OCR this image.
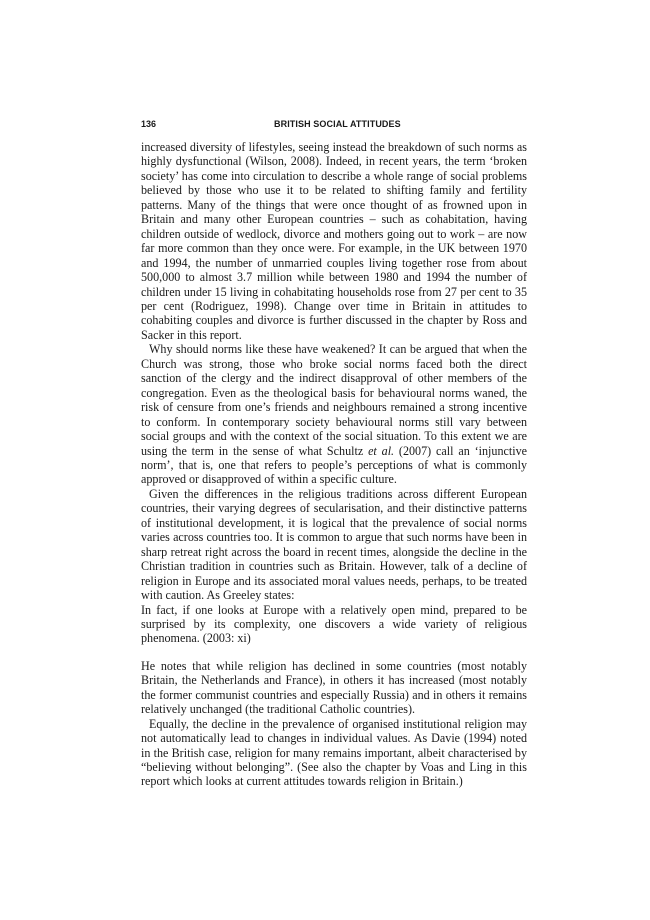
136	BRITISH SOCIAL ATTITUDES

increased diversity of lifestyles, seeing instead the breakdown of such norms as highly dysfunctional (Wilson, 2008). Indeed, in recent years, the term ‘broken society’ has come into circulation to describe a whole range of social problems believed by those who use it to be related to shifting family and fertility patterns. Many of the things that were once thought of as frowned upon in Britain and many other European countries – such as cohabitation, having children outside of wedlock, divorce and mothers going out to work – are now far more common than they once were. For example, in the UK between 1970 and 1994, the number of unmarried couples living together rose from about 500,000 to almost 3.7 million while between 1980 and 1994 the number of children under 15 living in cohabitating households rose from 27 per cent to 35 per cent (Rodriguez, 1998). Change over time in Britain in attitudes to cohabiting couples and divorce is further discussed in the chapter by Ross and Sacker in this report.

Why should norms like these have weakened? It can be argued that when the Church was strong, those who broke social norms faced both the direct sanction of the clergy and the indirect disapproval of other members of the congregation. Even as the theological basis for behavioural norms waned, the risk of censure from one’s friends and neighbours remained a strong incentive to conform. In contemporary society behavioural norms still vary between social groups and with the context of the social situation. To this extent we are using the term in the sense of what Schultz et al. (2007) call an ‘injunctive norm’, that is, one that refers to people’s perceptions of what is commonly approved or disapproved of within a specific culture.

Given the differences in the religious traditions across different European countries, their varying degrees of secularisation, and their distinctive patterns of institutional development, it is logical that the prevalence of social norms varies across countries too. It is common to argue that such norms have been in sharp retreat right across the board in recent times, alongside the decline in the Christian tradition in countries such as Britain. However, talk of a decline of religion in Europe and its associated moral values needs, perhaps, to be treated with caution. As Greeley states:

In fact, if one looks at Europe with a relatively open mind, prepared to be surprised by its complexity, one discovers a wide variety of religious phenomena. (2003: xi)

He notes that while religion has declined in some countries (most notably Britain, the Netherlands and France), in others it has increased (most notably the former communist countries and especially Russia) and in others it remains relatively unchanged (the traditional Catholic countries).

Equally, the decline in the prevalence of organised institutional religion may not automatically lead to changes in individual values. As Davie (1994) noted in the British case, religion for many remains important, albeit characterised by “believing without belonging”. (See also the chapter by Voas and Ling in this report which looks at current attitudes towards religion in Britain.)
